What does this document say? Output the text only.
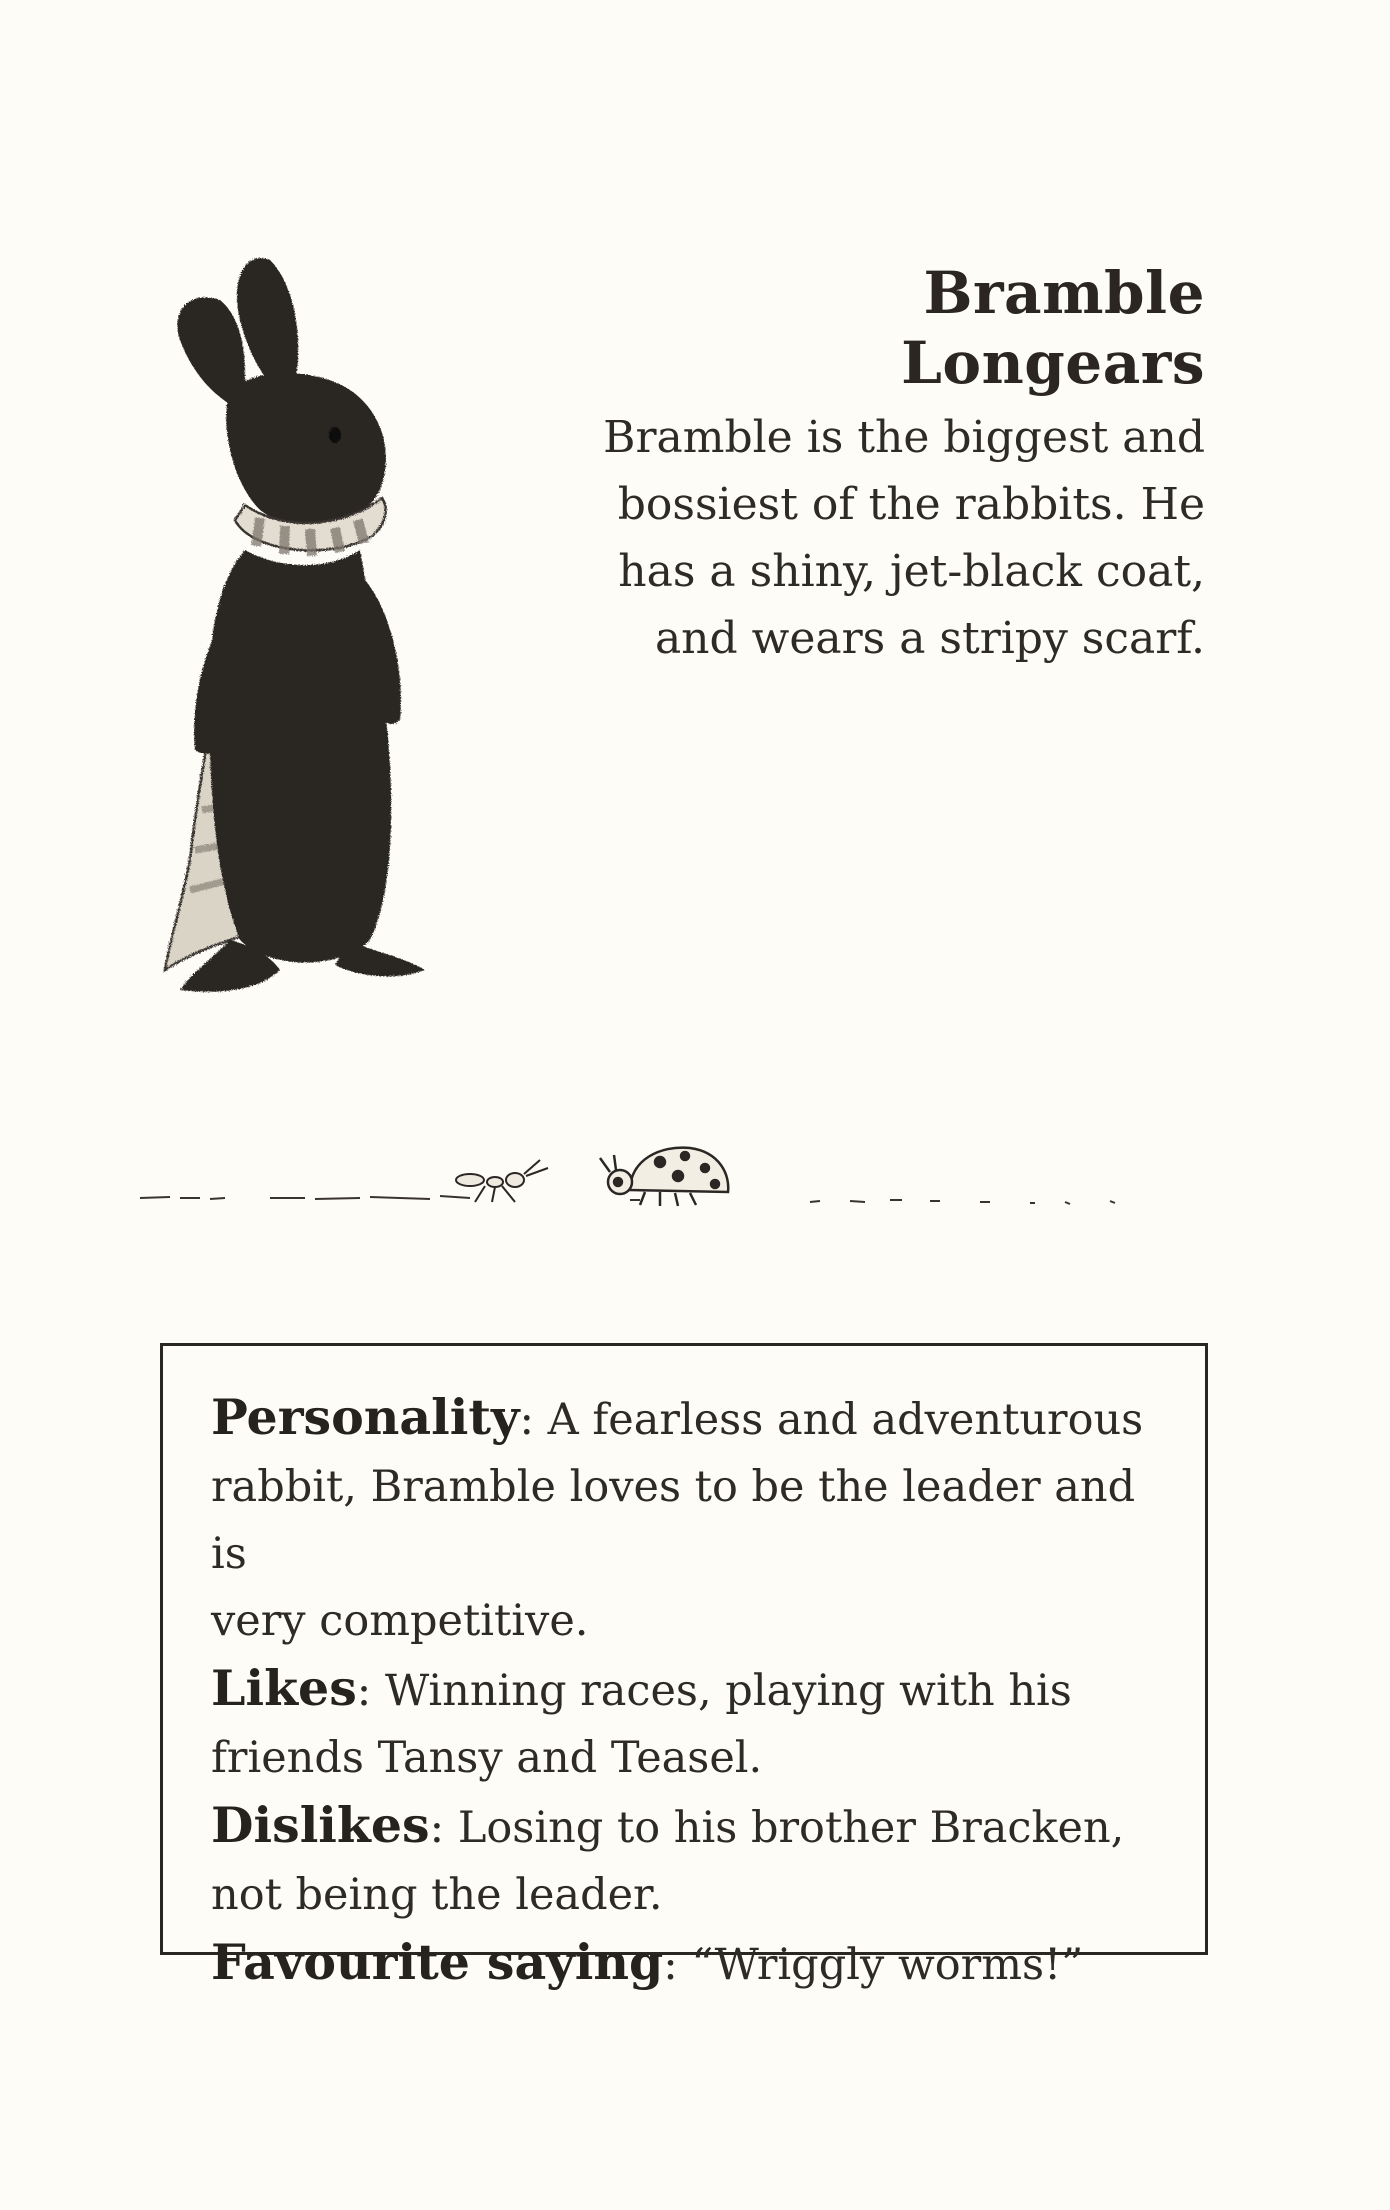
Bramble Longears
Bramble is the biggest and
bossiest of the rabbits. He
has a shiny, jet-black coat,
and wears a stripy scarf.
Personality: A fearless and adventurous
rabbit, Bramble loves to be the leader and is
very competitive.
Likes: Winning races, playing with his
friends Tansy and Teasel.
Dislikes: Losing to his brother Bracken,
not being the leader.
Favourite saying: “Wriggly worms!”
